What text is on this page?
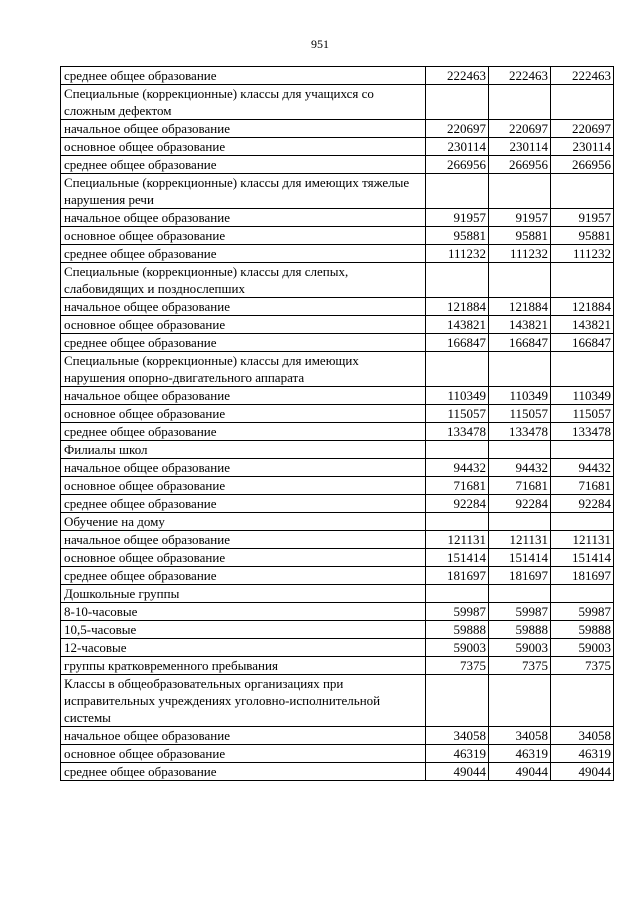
951
среднее общее образование	222463	222463	222463
Специальные (коррекционные) классы для учащихся со сложным дефектом			
начальное общее образование	220697	220697	220697
основное общее образование	230114	230114	230114
среднее общее образование	266956	266956	266956
Специальные (коррекционные) классы для имеющих тяжелые нарушения речи			
начальное общее образование	91957	91957	91957
основное общее образование	95881	95881	95881
среднее общее образование	111232	111232	111232
Специальные (коррекционные) классы для слепых, слабовидящих и позднослепших			
начальное общее образование	121884	121884	121884
основное общее образование	143821	143821	143821
среднее общее образование	166847	166847	166847
Специальные (коррекционные) классы для имеющих нарушения опорно-двигательного аппарата			
начальное общее образование	110349	110349	110349
основное общее образование	115057	115057	115057
среднее общее образование	133478	133478	133478
Филиалы школ			
начальное общее образование	94432	94432	94432
основное общее образование	71681	71681	71681
среднее общее образование	92284	92284	92284
Обучение на дому			
начальное общее образование	121131	121131	121131
основное общее образование	151414	151414	151414
среднее общее образование	181697	181697	181697
Дошкольные группы			
8-10-часовые	59987	59987	59987
10,5-часовые	59888	59888	59888
12-часовые	59003	59003	59003
группы кратковременного пребывания	7375	7375	7375
Классы в общеобразовательных организациях при исправительных учреждениях уголовно-исполнительной системы			
начальное общее образование	34058	34058	34058
основное общее образование	46319	46319	46319
среднее общее образование	49044	49044	49044
